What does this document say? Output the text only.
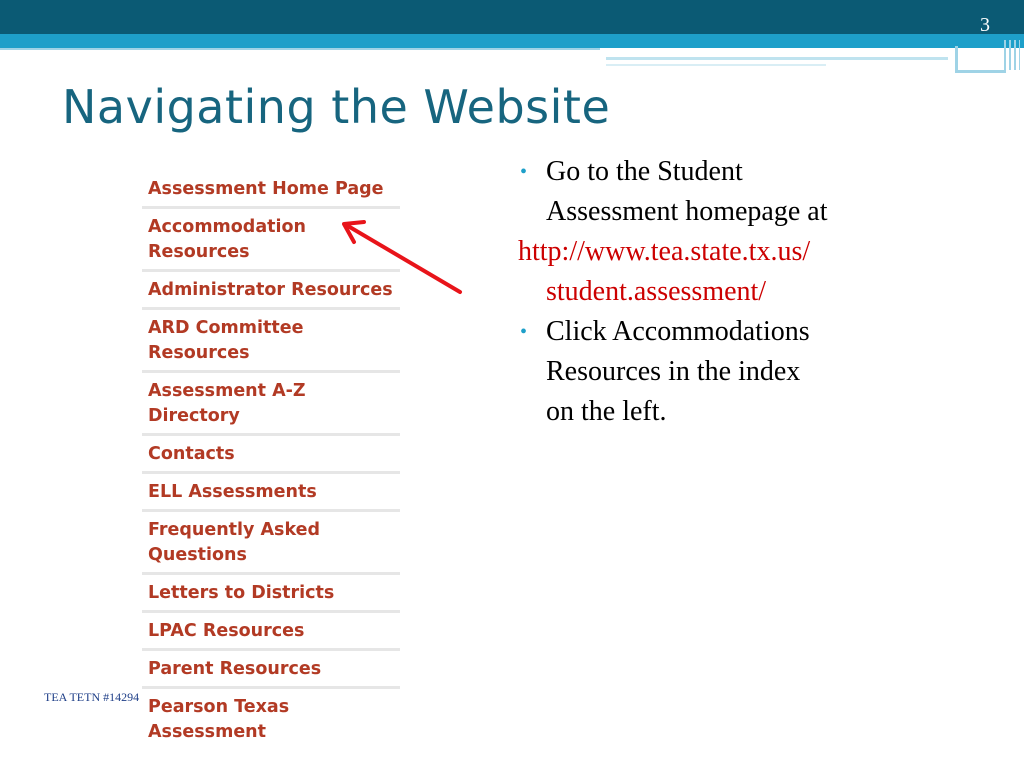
3
Navigating the Website
Assessment Home Page
Accommodation
Resources
Administrator Resources
ARD Committee
Resources
Assessment A-Z
Directory
Contacts
ELL Assessments
Frequently Asked
Questions
Letters to Districts
LPAC Resources
Parent Resources
Pearson Texas
Assessment
• Go to the Student
Assessment homepage at
http://www.tea.state.tx.us/
student.assessment/
• Click Accommodations
Resources in the index
on the left.
TEA TETN #14294
